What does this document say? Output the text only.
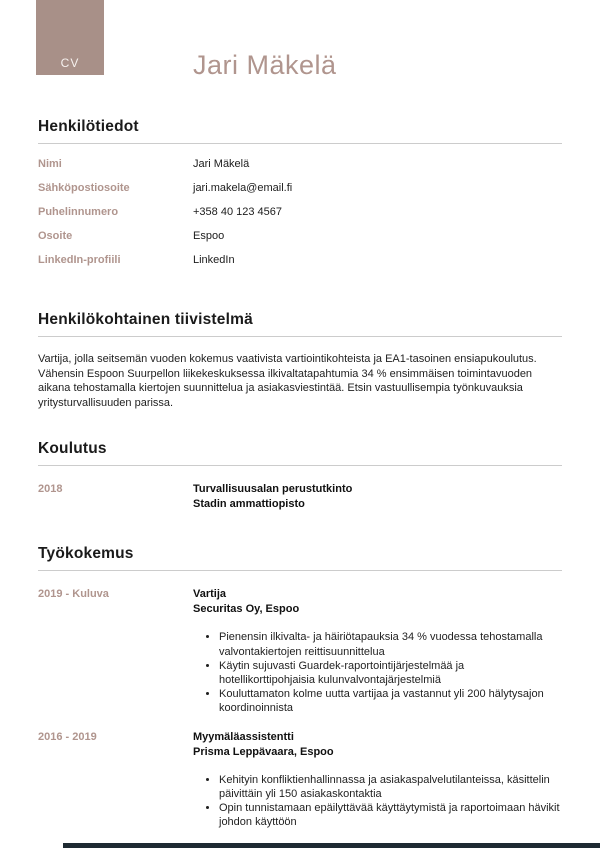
CV	Jari Mäkelä
Henkilötiedot
Nimi	Jari Mäkelä
Sähköpostiosoite	jari.makela@email.fi
Puhelinnumero	+358 40 123 4567
Osoite	Espoo
LinkedIn-profiili	LinkedIn
Henkilökohtainen tiivistelmä

Vartija, jolla seitsemän vuoden kokemus vaativista vartiointikohteista ja EA1-tasoinen ensiapukoulutus. Vähensin Espoon Suurpellon liikekeskuksessa ilkivaltatapahtumia 34 % ensimmäisen toimintavuoden aikana tehostamalla kiertojen suunnittelua ja asiakasviestintää. Etsin vastuullisempia työnkuvauksia yritysturvallisuuden parissa.

Koulutus
2018	Turvallisuusalan perustutkinto
Stadin ammattiopisto
Työkokemus
2019 - Kuluva	Vartija
Securitas Oy, Espoo
• Pienensin ilkivalta- ja häiriötapauksia 34 % vuodessa tehostamalla valvontakiertojen reittisuunnittelua
• Käytin sujuvasti Guardek-raportointijärjestelmää ja hotellikorttipohjaisia kulunvalvontajärjestelmiä
• Kouluttamaton kolme uutta vartijaa ja vastannut yli 200 hälytysajon koordinoinnista
2016 - 2019	Myymäläassistentti
Prisma Leppävaara, Espoo
• Kehityin konfliktienhallinnassa ja asiakaspalvelutilanteissa, käsittelin päivittäin yli 150 asiakaskontaktia
• Opin tunnistamaan epäilyttävää käyttäytymistä ja raportoimaan hävikit johdon käyttöön
